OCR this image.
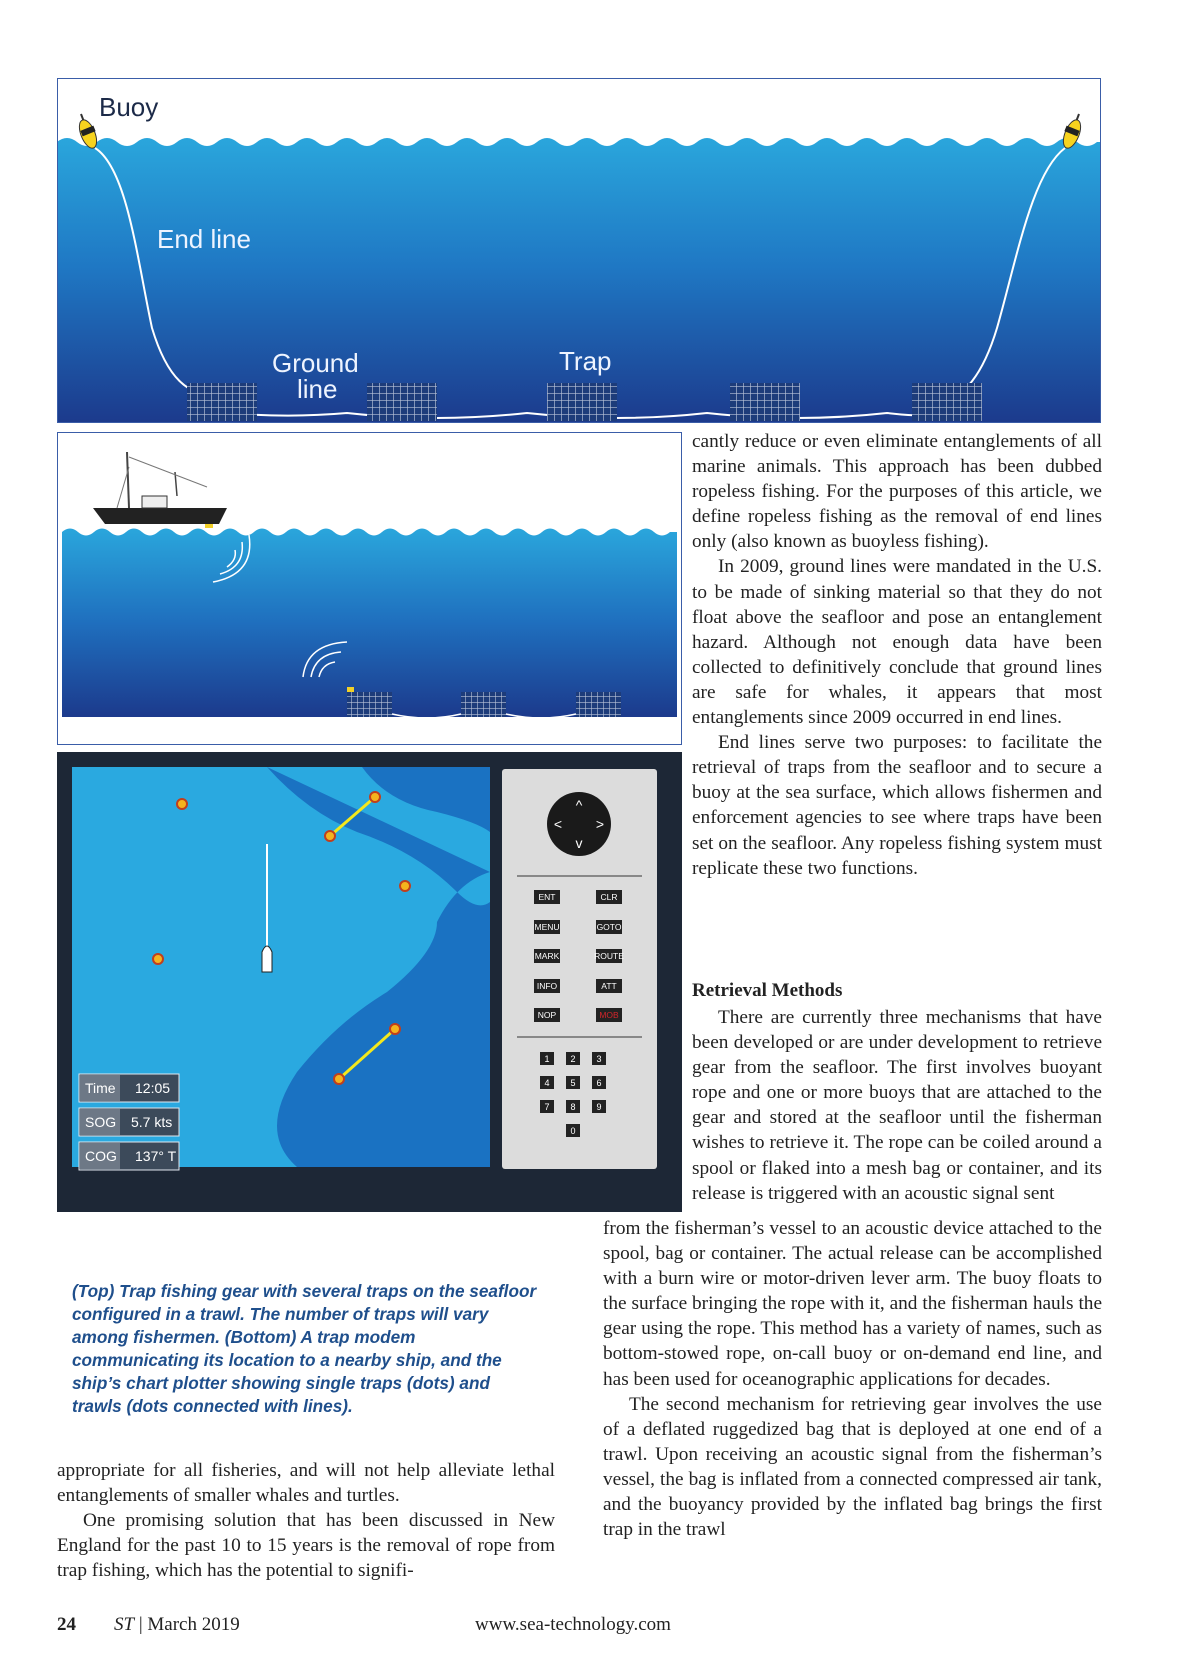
Buoy
End line
Ground
line
Trap
Time 12:05
SOG 5.7 kts
COG 137° T
^
v
< >
ENT	CLR
MENU	GOTO
MARK	ROUTE
INFO	ATT
NOP	MOB
1 2 3
4 5 6
7 8 9
0
(Top) Trap fishing gear with several traps on the seafloor configured in a trawl. The number of traps will vary among fishermen. (Bottom) A trap modem communicating its location to a nearby ship, and the ship’s chart plotter showing single traps (dots) and trawls (dots connected with lines).

cantly reduce or even eliminate entanglements of all marine animals. This approach has been dubbed ropeless fishing. For the purposes of this article, we define ropeless fishing as the removal of end lines only (also known as buoyless fishing).

In 2009, ground lines were mandated in the U.S. to be made of sinking material so that they do not float above the seafloor and pose an entanglement hazard. Although not enough data have been collected to definitively conclude that ground lines are safe for whales, it appears that most entanglements since 2009 occurred in end lines.

End lines serve two purposes: to facilitate the retrieval of traps from the seafloor and to secure a buoy at the sea surface, which allows fishermen and enforcement agencies to see where traps have been set on the seafloor. Any ropeless fishing system must replicate these two functions.

Retrieval Methods

There are currently three mechanisms that have been developed or are under development to retrieve gear from the seafloor. The first involves buoyant rope and one or more buoys that are attached to the gear and stored at the seafloor until the fisherman wishes to retrieve it. The rope can be coiled around a spool or flaked into a mesh bag or container, and its release is triggered with an acoustic signal sent

from the fisherman’s vessel to an acoustic device attached to the spool, bag or container. The actual release can be accomplished with a burn wire or motor-driven lever arm. The buoy floats to the surface bringing the rope with it, and the fisherman hauls the gear using the rope. This method has a variety of names, such as bottom-stowed rope, on-call buoy or on-demand end line, and has been used for oceanographic applications for decades.

The second mechanism for retrieving gear involves the use of a deflated ruggedized bag that is deployed at one end of a trawl. Upon receiving an acoustic signal from the fisherman’s vessel, the bag is inflated from a connected compressed air tank, and the buoyancy provided by the inflated bag brings the first trap in the trawl

appropriate for all fisheries, and will not help alleviate lethal entanglements of smaller whales and turtles.

One promising solution that has been discussed in New England for the past 10 to 15 years is the removal of rope from trap fishing, which has the potential to signifi-

24 ST | March 2019	www.sea-technology.com
